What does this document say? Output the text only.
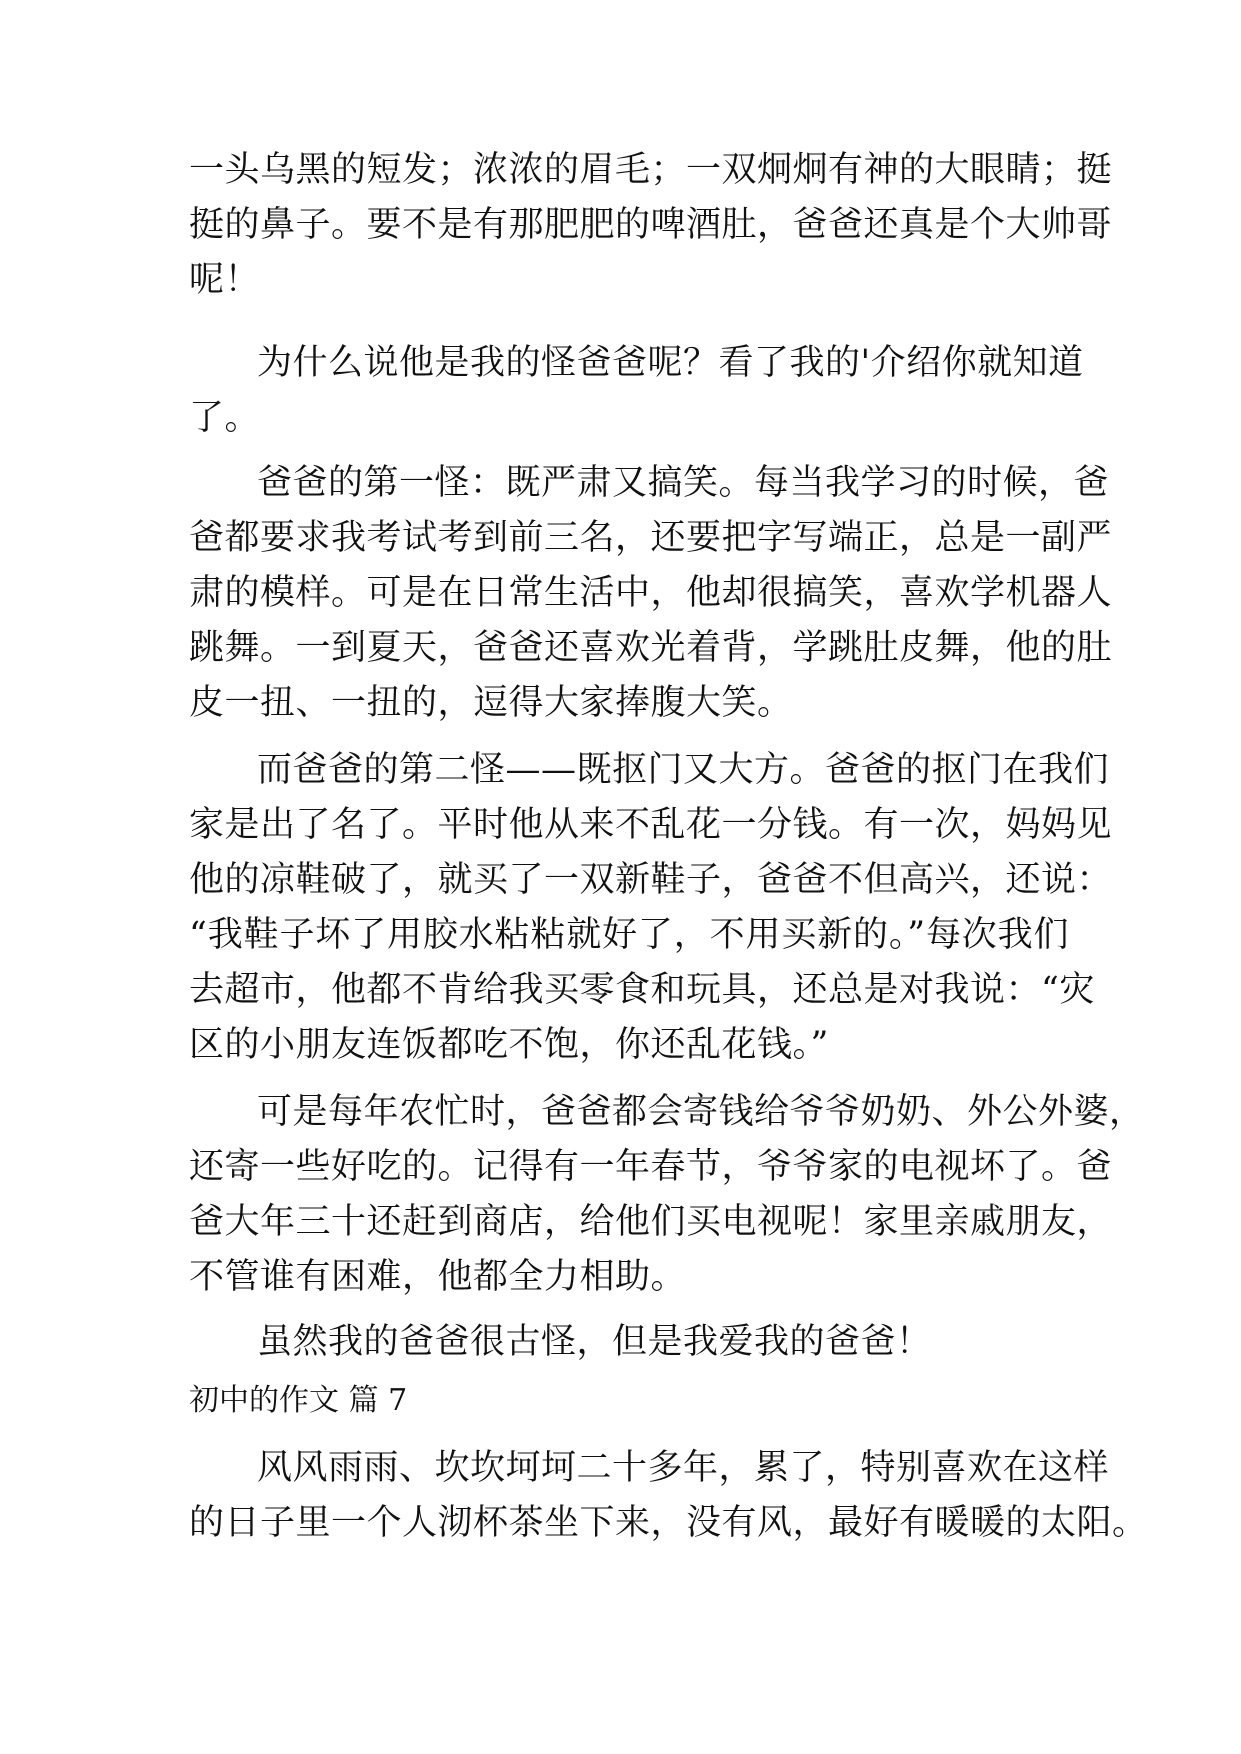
一头乌黑的短发；浓浓的眉毛；一双炯炯有神的大眼睛；挺
挺的鼻子。要不是有那肥肥的啤酒肚，爸爸还真是个大帅哥
呢！
为什么说他是我的怪爸爸呢？看了我的'介绍你就知道
了。
爸爸的第一怪：既严肃又搞笑。每当我学习的时候，爸
爸都要求我考试考到前三名，还要把字写端正，总是一副严
肃的模样。可是在日常生活中，他却很搞笑，喜欢学机器人
跳舞。一到夏天，爸爸还喜欢光着背，学跳肚皮舞，他的肚
皮一扭、一扭的，逗得大家捧腹大笑。
而爸爸的第二怪——既抠门又大方。爸爸的抠门在我们
家是出了名了。平时他从来不乱花一分钱。有一次，妈妈见
他的凉鞋破了，就买了一双新鞋子，爸爸不但高兴，还说：
“我鞋子坏了用胶水粘粘就好了，不用买新的。”每次我们
去超市，他都不肯给我买零食和玩具，还总是对我说：“灾
区的小朋友连饭都吃不饱，你还乱花钱。”
可是每年农忙时，爸爸都会寄钱给爷爷奶奶、外公外婆，
还寄一些好吃的。记得有一年春节，爷爷家的电视坏了。爸
爸大年三十还赶到商店，给他们买电视呢！家里亲戚朋友，
不管谁有困难，他都全力相助。
虽然我的爸爸很古怪，但是我爱我的爸爸！
初中的作文 篇 7
风风雨雨、坎坎坷坷二十多年，累了，特别喜欢在这样
的日子里一个人沏杯茶坐下来，没有风，最好有暖暖的太阳。
